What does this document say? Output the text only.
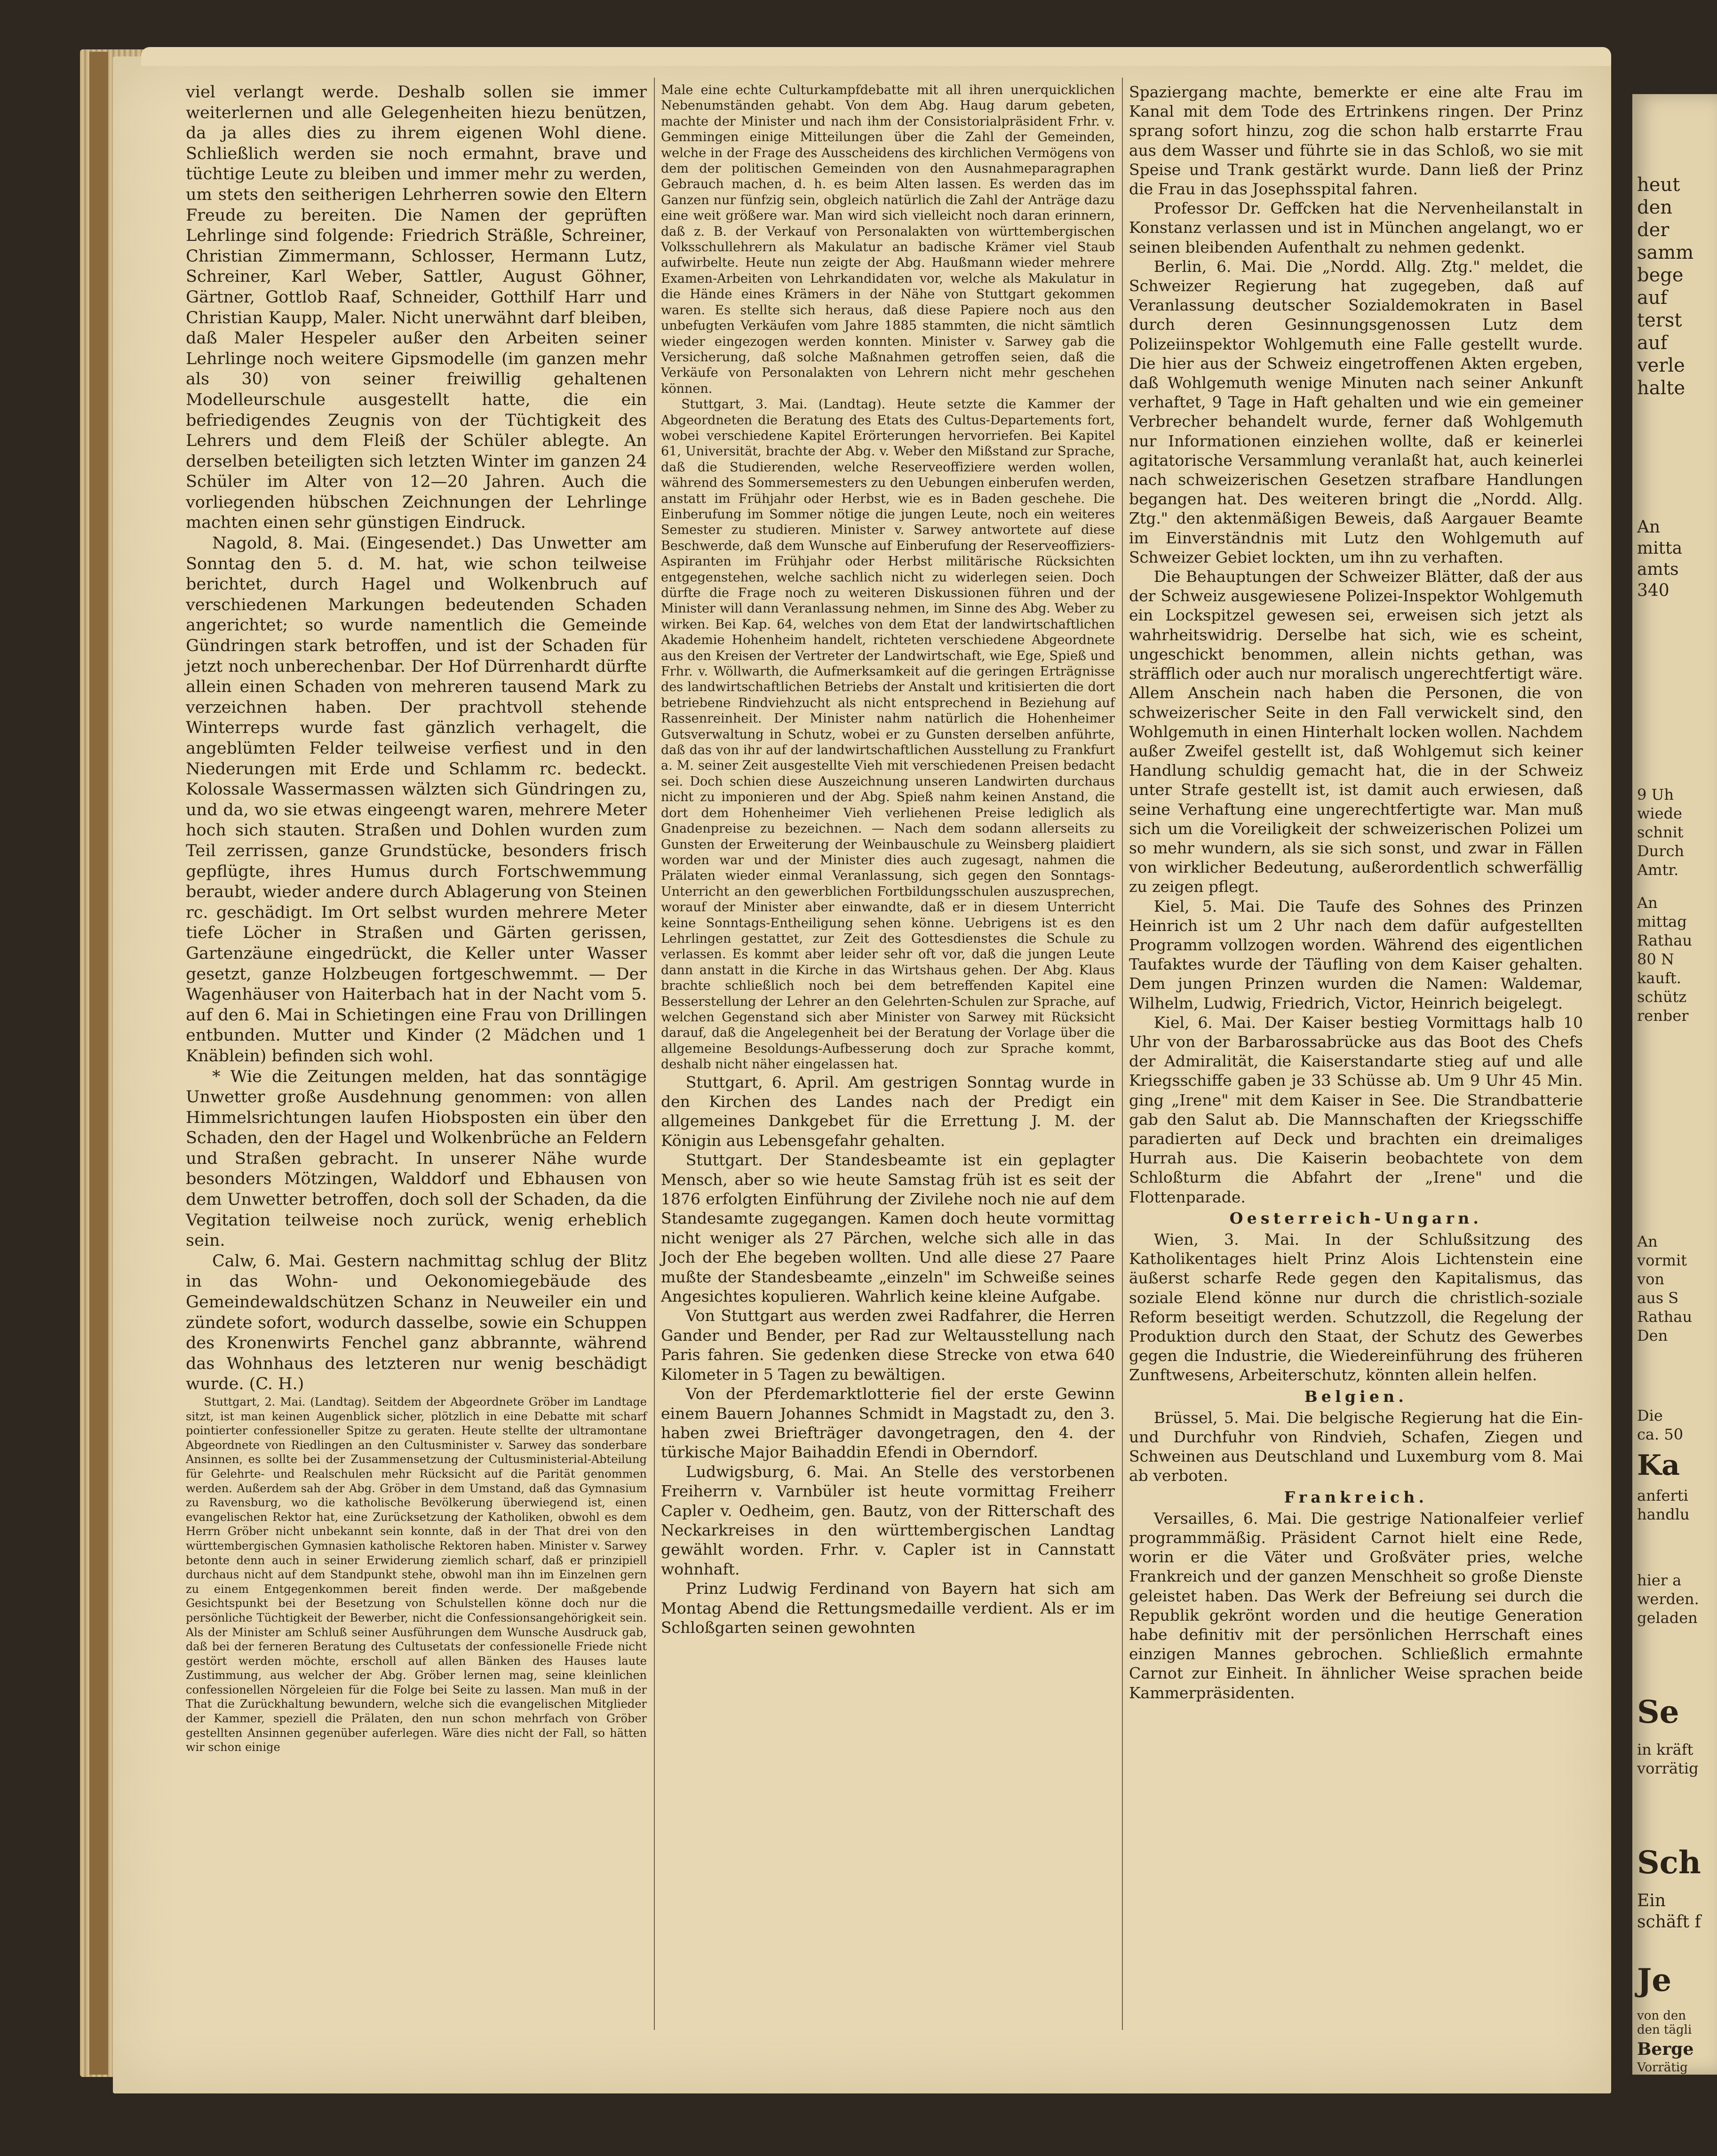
viel verlangt werde. Deshalb sollen sie immer weiterlernen und alle Gelegenheiten hiezu benützen, da ja alles dies zu ihrem eigenen Wohl diene. Schließlich werden sie noch ermahnt, brave und tüchtige Leute zu bleiben und immer mehr zu werden, um stets den seitherigen Lehrherren sowie den Eltern Freude zu bereiten. Die Namen der geprüften Lehrlinge sind folgende: Friedrich Sträßle, Schreiner, Christian Zimmermann, Schlosser, Hermann Lutz, Schreiner, Karl Weber, Sattler, August Göhner, Gärtner, Gottlob Raaf, Schneider, Gotthilf Harr und Christian Kaupp, Maler. Nicht unerwähnt darf bleiben, daß Maler Hespeler außer den Arbeiten seiner Lehrlinge noch weitere Gipsmodelle (im ganzen mehr als 30) von seiner freiwillig gehaltenen Modelleurschule ausgestellt hatte, die ein befriedigendes Zeugnis von der Tüchtigkeit des Lehrers und dem Fleiß der Schüler ablegte. An derselben beteiligten sich letzten Winter im ganzen 24 Schüler im Alter von 12—20 Jahren. Auch die vorliegenden hübschen Zeichnungen der Lehrlinge machten einen sehr günstigen Eindruck.

Nagold, 8. Mai. (Eingesendet.) Das Unwetter am Sonntag den 5. d. M. hat, wie schon teilweise berichtet, durch Hagel und Wolkenbruch auf verschiedenen Markungen bedeutenden Schaden angerichtet; so wurde namentlich die Gemeinde Gündringen stark betroffen, und ist der Schaden für jetzt noch unberechenbar. Der Hof Dürrenhardt dürfte allein einen Schaden von mehreren tausend Mark zu verzeichnen haben. Der prachtvoll stehende Winterreps wurde fast gänzlich verhagelt, die angeblümten Felder teilweise verfiest und in den Niederungen mit Erde und Schlamm rc. bedeckt. Kolossale Wassermassen wälzten sich Gündringen zu, und da, wo sie etwas eingeengt waren, mehrere Meter hoch sich stauten. Straßen und Dohlen wurden zum Teil zerrissen, ganze Grundstücke, besonders frisch gepflügte, ihres Humus durch Fortschwemmung beraubt, wieder andere durch Ablagerung von Steinen rc. geschädigt. Im Ort selbst wurden mehrere Meter tiefe Löcher in Straßen und Gärten gerissen, Gartenzäune eingedrückt, die Keller unter Wasser gesetzt, ganze Holzbeugen fortgeschwemmt. — Der Wagenhäuser von Haiterbach hat in der Nacht vom 5. auf den 6. Mai in Schietingen eine Frau von Drillingen entbunden. Mutter und Kinder (2 Mädchen und 1 Knäblein) befinden sich wohl.

* Wie die Zeitungen melden, hat das sonntägige Unwetter große Ausdehnung genommen: von allen Himmelsrichtungen laufen Hiobsposten ein über den Schaden, den der Hagel und Wolkenbrüche an Feldern und Straßen gebracht. In unserer Nähe wurde besonders Mötzingen, Walddorf und Ebhausen von dem Unwetter betroffen, doch soll der Schaden, da die Vegitation teilweise noch zurück, wenig erheblich sein.

Calw, 6. Mai. Gestern nachmittag schlug der Blitz in das Wohn- und Oekonomiegebäude des Gemeindewaldschützen Schanz in Neuweiler ein und zündete sofort, wodurch dasselbe, sowie ein Schuppen des Kronenwirts Fenchel ganz abbrannte, während das Wohnhaus des letzteren nur wenig beschädigt wurde. (C. H.)

Stuttgart, 2. Mai. (Landtag). Seitdem der Abgeordnete Gröber im Landtage sitzt, ist man keinen Augenblick sicher, plötzlich in eine Debatte mit scharf pointierter confessioneller Spitze zu geraten. Heute stellte der ultramontane Abgeordnete von Riedlingen an den Cultusminister v. Sarwey das sonderbare Ansinnen, es sollte bei der Zusammensetzung der Cultusministerial-Abteilung für Gelehrte- und Realschulen mehr Rücksicht auf die Parität genommen werden. Außerdem sah der Abg. Gröber in dem Umstand, daß das Gymnasium zu Ravensburg, wo die katholische Bevölkerung überwiegend ist, einen evangelischen Rektor hat, eine Zurücksetzung der Katholiken, obwohl es dem Herrn Gröber nicht unbekannt sein konnte, daß in der That drei von den württembergischen Gymnasien katholische Rektoren haben. Minister v. Sarwey betonte denn auch in seiner Erwiderung ziemlich scharf, daß er prinzipiell durchaus nicht auf dem Standpunkt stehe, obwohl man ihn im Einzelnen gern zu einem Entgegenkommen bereit finden werde. Der maßgebende Gesichtspunkt bei der Besetzung von Schulstellen könne doch nur die persönliche Tüchtigkeit der Bewerber, nicht die Confessionsangehörigkeit sein. Als der Minister am Schluß seiner Ausführungen dem Wunsche Ausdruck gab, daß bei der ferneren Beratung des Cultusetats der confessionelle Friede nicht gestört werden möchte, erscholl auf allen Bänken des Hauses laute Zustimmung, aus welcher der Abg. Gröber lernen mag, seine kleinlichen confessionellen Nörgeleien für die Folge bei Seite zu lassen. Man muß in der That die Zurückhaltung bewundern, welche sich die evangelischen Mitglieder der Kammer, speziell die Prälaten, den nun schon mehrfach von Gröber gestellten Ansinnen gegenüber auferlegen. Wäre dies nicht der Fall, so hätten wir schon einige

Male eine echte Culturkampfdebatte mit all ihren unerquicklichen Nebenumständen gehabt. Von dem Abg. Haug darum gebeten, machte der Minister und nach ihm der Consistorialpräsident Frhr. v. Gemmingen einige Mitteilungen über die Zahl der Gemeinden, welche in der Frage des Ausscheidens des kirchlichen Vermögens von dem der politischen Gemeinden von den Ausnahmeparagraphen Gebrauch machen, d. h. es beim Alten lassen. Es werden das im Ganzen nur fünfzig sein, obgleich natürlich die Zahl der Anträge dazu eine weit größere war. Man wird sich vielleicht noch daran erinnern, daß z. B. der Verkauf von Personalakten von württembergischen Volksschullehrern als Makulatur an badische Krämer viel Staub aufwirbelte. Heute nun zeigte der Abg. Haußmann wieder mehrere Examen-Arbeiten von Lehrkandidaten vor, welche als Makulatur in die Hände eines Krämers in der Nähe von Stuttgart gekommen waren. Es stellte sich heraus, daß diese Papiere noch aus den unbefugten Verkäufen vom Jahre 1885 stammten, die nicht sämtlich wieder eingezogen werden konnten. Minister v. Sarwey gab die Versicherung, daß solche Maßnahmen getroffen seien, daß die Verkäufe von Personalakten von Lehrern nicht mehr geschehen können.

Stuttgart, 3. Mai. (Landtag). Heute setzte die Kammer der Abgeordneten die Beratung des Etats des Cultus-Departements fort, wobei verschiedene Kapitel Erörterungen hervorriefen. Bei Kapitel 61, Universität, brachte der Abg. v. Weber den Mißstand zur Sprache, daß die Studierenden, welche Reserveoffiziere werden wollen, während des Sommersemesters zu den Uebungen einberufen werden, anstatt im Frühjahr oder Herbst, wie es in Baden geschehe. Die Einberufung im Sommer nötige die jungen Leute, noch ein weiteres Semester zu studieren. Minister v. Sarwey antwortete auf diese Beschwerde, daß dem Wunsche auf Einberufung der Reserveoffiziers-Aspiranten im Frühjahr oder Herbst militärische Rücksichten entgegenstehen, welche sachlich nicht zu widerlegen seien. Doch dürfte die Frage noch zu weiteren Diskussionen führen und der Minister will dann Veranlassung nehmen, im Sinne des Abg. Weber zu wirken. Bei Kap. 64, welches von dem Etat der landwirtschaftlichen Akademie Hohenheim handelt, richteten verschiedene Abgeordnete aus den Kreisen der Vertreter der Landwirtschaft, wie Ege, Spieß und Frhr. v. Wöllwarth, die Aufmerksamkeit auf die geringen Erträgnisse des landwirtschaftlichen Betriebs der Anstalt und kritisierten die dort betriebene Rindviehzucht als nicht entsprechend in Beziehung auf Rassenreinheit. Der Minister nahm natürlich die Hohenheimer Gutsverwaltung in Schutz, wobei er zu Gunsten derselben anführte, daß das von ihr auf der landwirtschaftlichen Ausstellung zu Frankfurt a. M. seiner Zeit ausgestellte Vieh mit verschiedenen Preisen bedacht sei. Doch schien diese Auszeichnung unseren Landwirten durchaus nicht zu imponieren und der Abg. Spieß nahm keinen Anstand, die dort dem Hohenheimer Vieh verliehenen Preise lediglich als Gnadenpreise zu bezeichnen. — Nach dem sodann allerseits zu Gunsten der Erweiterung der Weinbauschule zu Weinsberg plaidiert worden war und der Minister dies auch zugesagt, nahmen die Prälaten wieder einmal Veranlassung, sich gegen den Sonntags-Unterricht an den gewerblichen Fortbildungsschulen auszusprechen, worauf der Minister aber einwandte, daß er in diesem Unterricht keine Sonntags-Entheiligung sehen könne. Uebrigens ist es den Lehrlingen gestattet, zur Zeit des Gottesdienstes die Schule zu verlassen. Es kommt aber leider sehr oft vor, daß die jungen Leute dann anstatt in die Kirche in das Wirtshaus gehen. Der Abg. Klaus brachte schließlich noch bei dem betreffenden Kapitel eine Besserstellung der Lehrer an den Gelehrten-Schulen zur Sprache, auf welchen Gegenstand sich aber Minister von Sarwey mit Rücksicht darauf, daß die Angelegenheit bei der Beratung der Vorlage über die allgemeine Besoldungs-Aufbesserung doch zur Sprache kommt, deshalb nicht näher eingelassen hat.

Stuttgart, 6. April. Am gestrigen Sonntag wurde in den Kirchen des Landes nach der Predigt ein allgemeines Dankgebet für die Errettung J. M. der Königin aus Lebensgefahr gehalten.

Stuttgart. Der Standesbeamte ist ein geplagter Mensch, aber so wie heute Samstag früh ist es seit der 1876 erfolgten Einführung der Zivilehe noch nie auf dem Standesamte zugegangen. Kamen doch heute vormittag nicht weniger als 27 Pärchen, welche sich alle in das Joch der Ehe begeben wollten. Und alle diese 27 Paare mußte der Standesbeamte „einzeln" im Schweiße seines Angesichtes kopulieren. Wahrlich keine kleine Aufgabe.

Von Stuttgart aus werden zwei Radfahrer, die Herren Gander und Bender, per Rad zur Weltausstellung nach Paris fahren. Sie gedenken diese Strecke von etwa 640 Kilometer in 5 Tagen zu bewältigen.

Von der Pferdemarktlotterie fiel der erste Gewinn einem Bauern Johannes Schmidt in Magstadt zu, den 3. haben zwei Briefträger davongetragen, den 4. der türkische Major Baihaddin Efendi in Oberndorf.

Ludwigsburg, 6. Mai. An Stelle des verstorbenen Freiherrn v. Varnbüler ist heute vormittag Freiherr Capler v. Oedheim, gen. Bautz, von der Ritterschaft des Neckarkreises in den württembergischen Landtag gewählt worden. Frhr. v. Capler ist in Cannstatt wohnhaft.

Prinz Ludwig Ferdinand von Bayern hat sich am Montag Abend die Rettungsmedaille verdient. Als er im Schloßgarten seinen gewohnten

Spaziergang machte, bemerkte er eine alte Frau im Kanal mit dem Tode des Ertrinkens ringen. Der Prinz sprang sofort hinzu, zog die schon halb erstarrte Frau aus dem Wasser und führte sie in das Schloß, wo sie mit Speise und Trank gestärkt wurde. Dann ließ der Prinz die Frau in das Josephsspital fahren.

Professor Dr. Geffcken hat die Nervenheilanstalt in Konstanz verlassen und ist in München angelangt, wo er seinen bleibenden Aufenthalt zu nehmen gedenkt.

Berlin, 6. Mai. Die „Nordd. Allg. Ztg." meldet, die Schweizer Regierung hat zugegeben, daß auf Veranlassung deutscher Sozialdemokraten in Basel durch deren Gesinnungsgenossen Lutz dem Polizeiinspektor Wohlgemuth eine Falle gestellt wurde. Die hier aus der Schweiz eingetroffenen Akten ergeben, daß Wohlgemuth wenige Minuten nach seiner Ankunft verhaftet, 9 Tage in Haft gehalten und wie ein gemeiner Verbrecher behandelt wurde, ferner daß Wohlgemuth nur Informationen einziehen wollte, daß er keinerlei agitatorische Versammlung veranlaßt hat, auch keinerlei nach schweizerischen Gesetzen strafbare Handlungen begangen hat. Des weiteren bringt die „Nordd. Allg. Ztg." den aktenmäßigen Beweis, daß Aargauer Beamte im Einverständnis mit Lutz den Wohlgemuth auf Schweizer Gebiet lockten, um ihn zu verhaften.

Die Behauptungen der Schweizer Blätter, daß der aus der Schweiz ausgewiesene Polizei-Inspektor Wohlgemuth ein Lockspitzel gewesen sei, erweisen sich jetzt als wahrheitswidrig. Derselbe hat sich, wie es scheint, ungeschickt benommen, allein nichts gethan, was sträfflich oder auch nur moralisch ungerechtfertigt wäre. Allem Anschein nach haben die Personen, die von schweizerischer Seite in den Fall verwickelt sind, den Wohlgemuth in einen Hinterhalt locken wollen. Nachdem außer Zweifel gestellt ist, daß Wohlgemut sich keiner Handlung schuldig gemacht hat, die in der Schweiz unter Strafe gestellt ist, ist damit auch erwiesen, daß seine Verhaftung eine ungerechtfertigte war. Man muß sich um die Voreiligkeit der schweizerischen Polizei um so mehr wundern, als sie sich sonst, und zwar in Fällen von wirklicher Bedeutung, außerordentlich schwerfällig zu zeigen pflegt.

Kiel, 5. Mai. Die Taufe des Sohnes des Prinzen Heinrich ist um 2 Uhr nach dem dafür aufgestellten Programm vollzogen worden. Während des eigentlichen Taufaktes wurde der Täufling von dem Kaiser gehalten. Dem jungen Prinzen wurden die Namen: Waldemar, Wilhelm, Ludwig, Friedrich, Victor, Heinrich beigelegt.

Kiel, 6. Mai. Der Kaiser bestieg Vormittags halb 10 Uhr von der Barbarossabrücke aus das Boot des Chefs der Admiralität, die Kaiserstandarte stieg auf und alle Kriegsschiffe gaben je 33 Schüsse ab. Um 9 Uhr 45 Min. ging „Irene" mit dem Kaiser in See. Die Strandbatterie gab den Salut ab. Die Mannschaften der Kriegsschiffe paradierten auf Deck und brachten ein dreimaliges Hurrah aus. Die Kaiserin beobachtete von dem Schloßturm die Abfahrt der „Irene" und die Flottenparade.

Oesterreich-Ungarn.

Wien, 3. Mai. In der Schlußsitzung des Katholikentages hielt Prinz Alois Lichtenstein eine äußerst scharfe Rede gegen den Kapitalismus, das soziale Elend könne nur durch die christlich-soziale Reform beseitigt werden. Schutzzoll, die Regelung der Produktion durch den Staat, der Schutz des Gewerbes gegen die Industrie, die Wiedereinführung des früheren Zunftwesens, Arbeiterschutz, könnten allein helfen.

Belgien.

Brüssel, 5. Mai. Die belgische Regierung hat die Ein- und Durchfuhr von Rindvieh, Schafen, Ziegen und Schweinen aus Deutschland und Luxemburg vom 8. Mai ab verboten.

Frankreich.

Versailles, 6. Mai. Die gestrige Nationalfeier verlief programmmäßig. Präsident Carnot hielt eine Rede, worin er die Väter und Großväter pries, welche Frankreich und der ganzen Menschheit so große Dienste geleistet haben. Das Werk der Befreiung sei durch die Republik gekrönt worden und die heutige Generation habe definitiv mit der persönlichen Herrschaft eines einzigen Mannes gebrochen. Schließlich ermahnte Carnot zur Einheit. In ähnlicher Weise sprachen beide Kammerpräsidenten.

heut
den
der
samm
bege
auf
terst
auf
verle
halte
An
mitta
amts
340
9 Uh
wiede
schnit
Durch
Amtr.
An
mittag
Rathau
80 N
kauft.
schütz
renber
An
vormit
von
aus S
Rathau
Den
Die
ca. 50
Ka
anferti
handlu
hier a
werden.
geladen
Se
in kräft
vorrätig
Sch
Ein
schäft f
Je
von den
den tägli
Berge
Vorrätig
